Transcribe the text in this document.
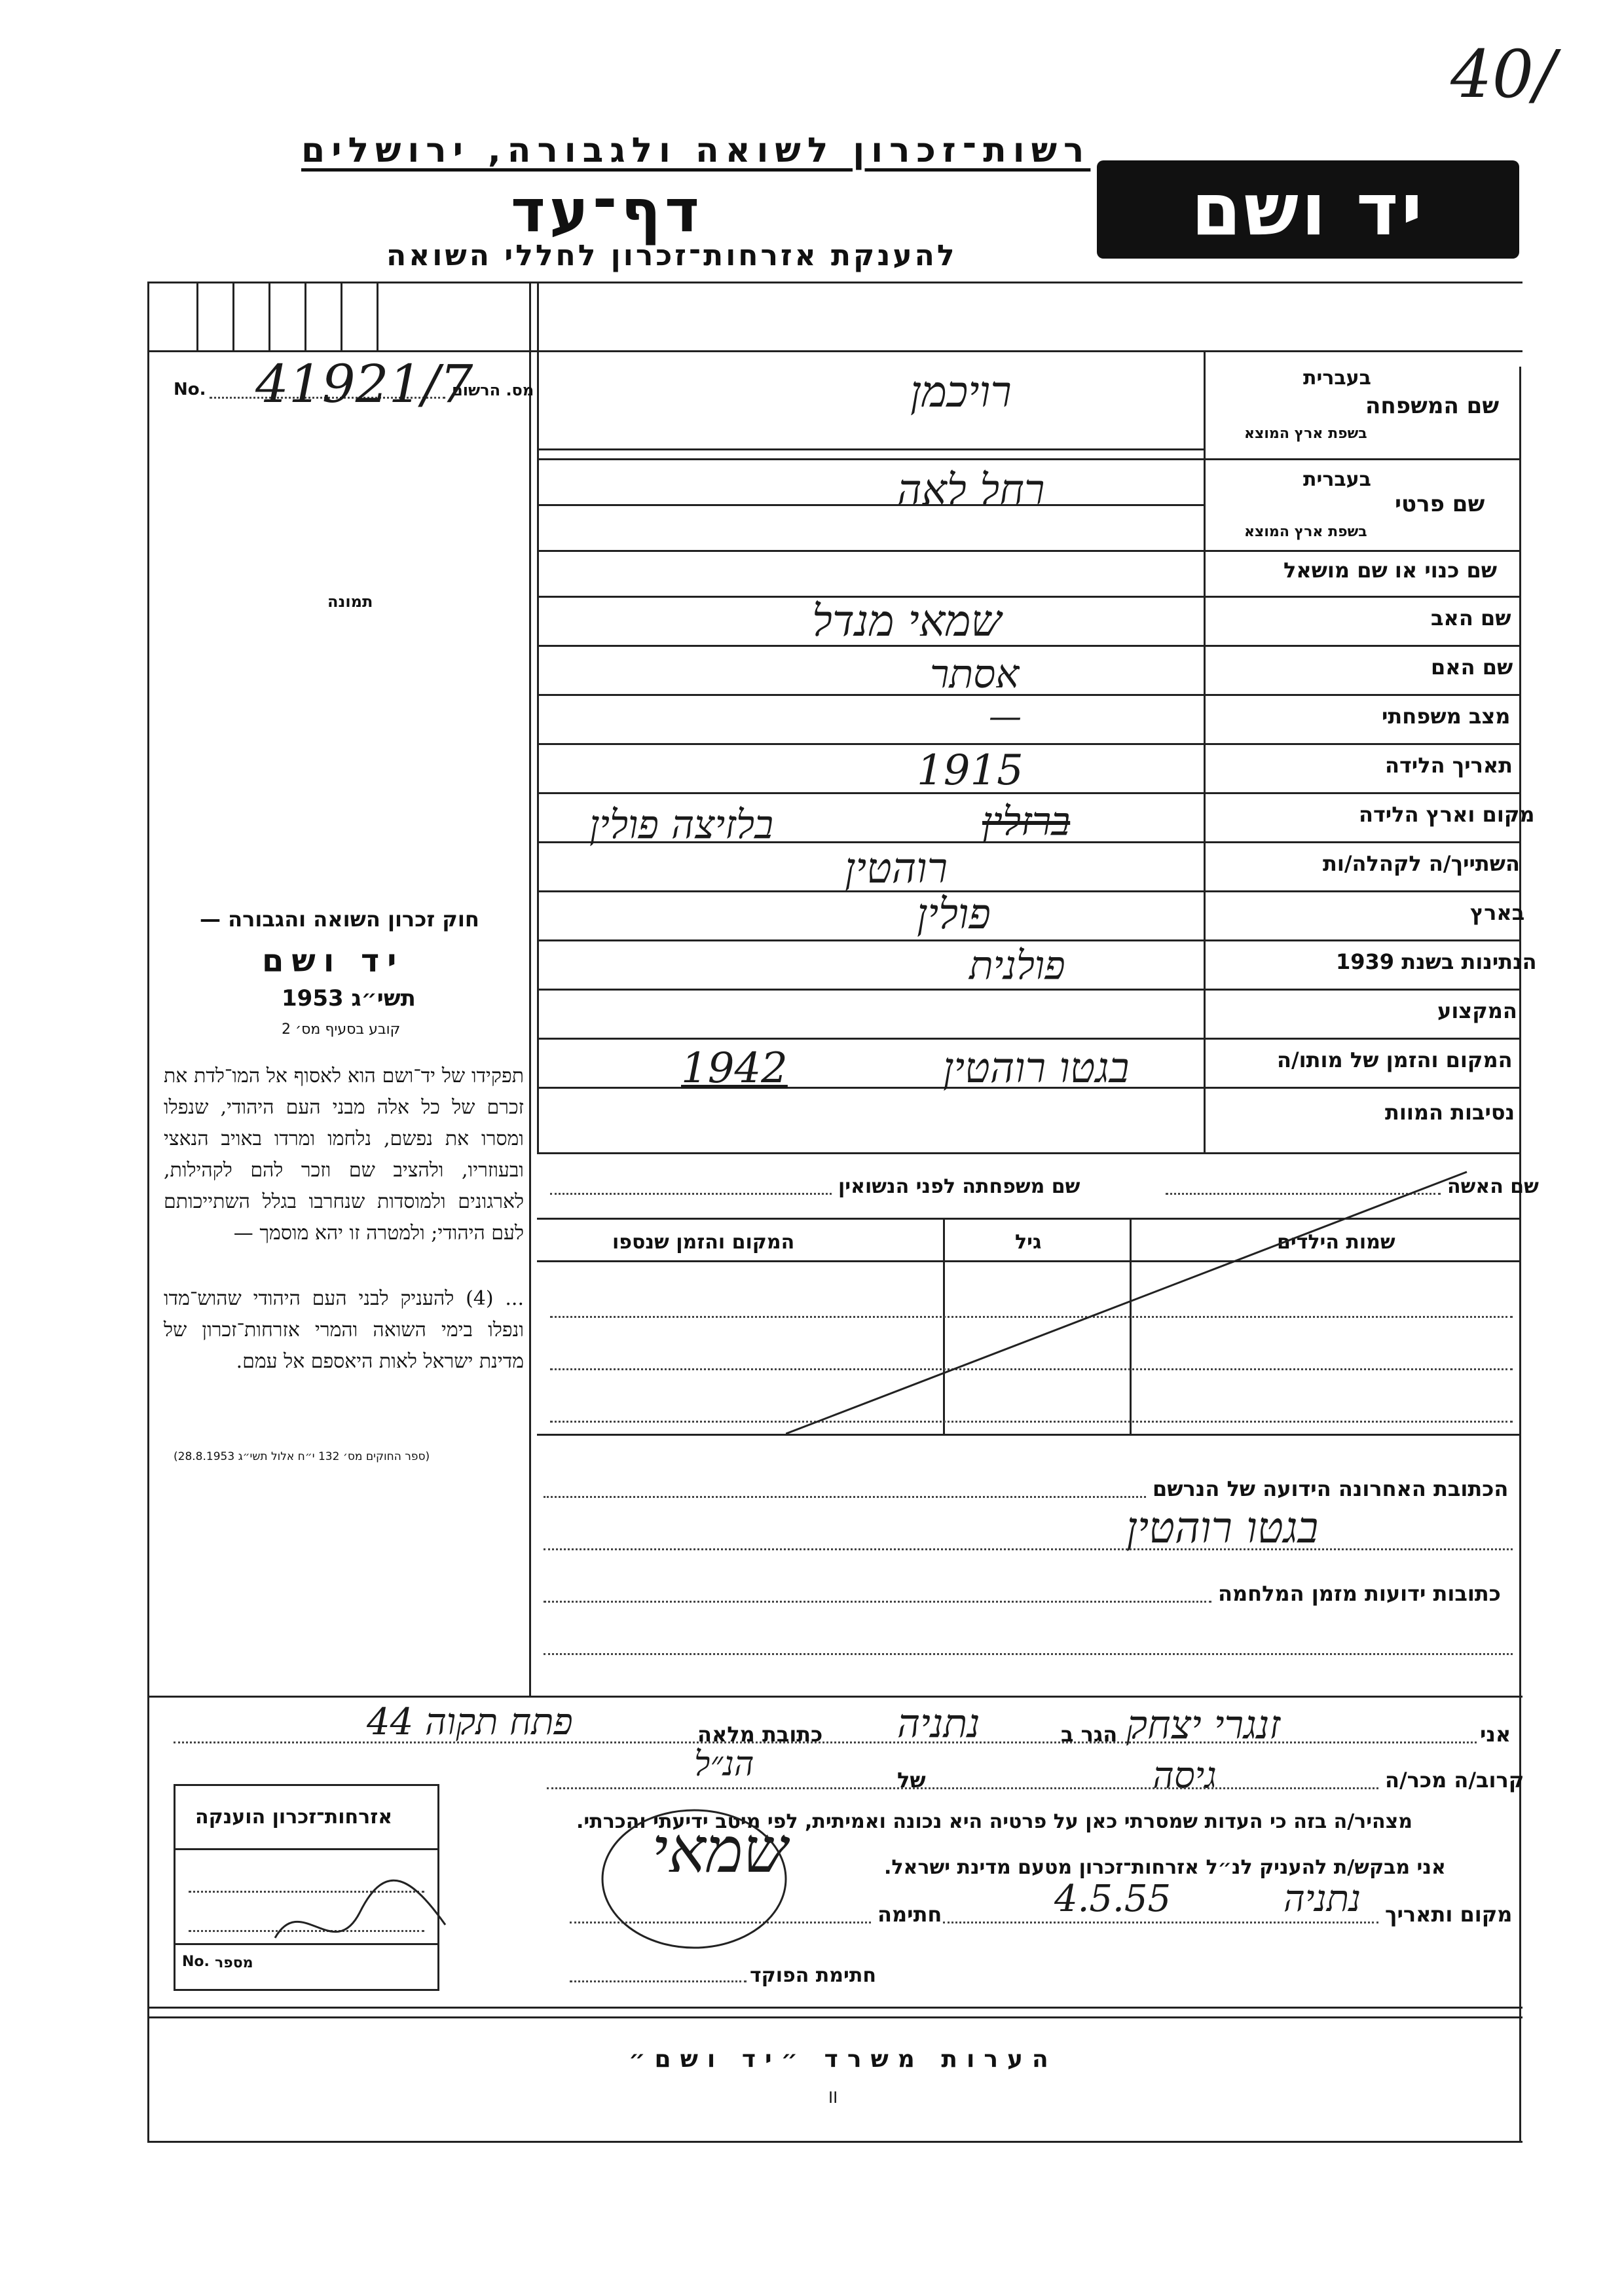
40/
רשות־זכרון לשואה ולגבורה, ירושלים
דף־עד
להענקת אזרחות־זכרון לחללי השואה
יד ושם
מס. הרשום
No. 41921/7
תמונה
בעברית
שם המשפחה
בשפת ארץ המוצא
רויכמן
בעברית
שם פרטי
בשפת ארץ המוצא
רחל לאה
שם כנוי או שם מושאל
שם האב
שמאי מנדל
שם האם
אסתר
מצב משפחתי
—
תאריך הלידה
1915
מקום וארץ הלידה
ברזלין
בלזיצה פולין
השתייך/ה לקהלה/ות
רוהטין
בארץ
פולין
הנתינות בשנת 1939
פולנית
המקצוע
המקום והזמן של מותו/ה
בגטו רוהטין
1942
נסיבות המוות
חוק זכרון השואה והגבורה —
יד ושם
תשי״ג 1953
קובע בסעיף מס׳ 2
תפקידו של יד־ושם הוא לאסוף אל המו־לדת את זכרם של כל אלה מבני העם היהודי, שנפלו ומסרו את נפשם, נלחמו ומרדו באויב הנאצי ובעוזריו, ולהציב שם וזכר להם לקהילות, לארגונים ולמוסדות שנחרבו בגלל השתייכותם לעם היהודי; ולמטרה זו יהא מוסמך —
... (4) להעניק לבני העם היהודי שהוש־מדו ונפלו בימי השואה והמרי אזרחות־זכרון של מדינת ישראל לאות היאספם אל עמם.
(ספר החוקים מס׳ 132 י״ח אלול תשי״ג 28.8.1953)
שם האשה
שם משפחתה לפני הנשואין
שמות הילדים
גיל
המקום והזמן שנספו
הכתובת האחרונה הידועה של הנרשם
בגטו רוהטין
כתובות ידועות מזמן המלחמה
אני
זנגרי יצחק
הגר ב
נתניה
כתובת מלאה
פתח תקוה 44
קרוב/ה מכר/ה
גיסה
של
הנ״ל
מצהיר/ה בזה כי העדות שמסרתי כאן על פרטיה היא נכונה ואמיתית, לפי מיטב ידיעתי והכרתי.
אני מבקש/ת להעניק לנ״ל אזרחות־זכרון מטעם מדינת ישראל.
מקום ותאריך
נתניה
4.5.55
חתימה
שמאי
חתימת הפוקד
אזרחות־זכרון הוענקה
מספר
No.
הערות משרד ״יד ושם״
II
